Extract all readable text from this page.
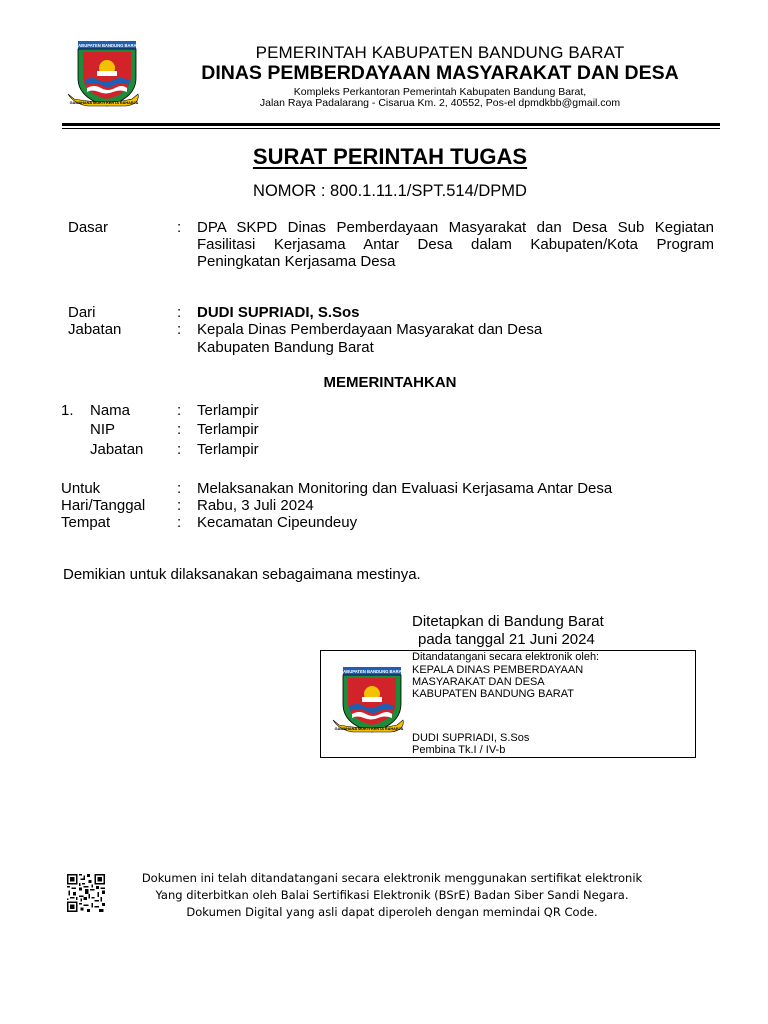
KABUPATEN BANDUNG BARAT
GAWAHANA MUKTI KERTA RAHARJA
PEMERINTAH KABUPATEN BANDUNG BARAT
DINAS PEMBERDAYAAN MASYARAKAT DAN DESA
Kompleks Perkantoran Pemerintah Kabupaten Bandung Barat,
Jalan Raya Padalarang - Cisarua Km. 2, 40552, Pos-el dpmdkbb@gmail.com
SURAT PERINTAH TUGAS
NOMOR : 800.1.11.1/SPT.514/DPMD
Dasar	: DPA SKPD Dinas Pemberdayaan Masyarakat dan Desa Sub Kegiatan Fasilitasi Kerjasama Antar Desa dalam Kabupaten/Kota Program Peningkatan Kerjasama Desa
Dari	: DUDI SUPRIADI, S.Sos
Jabatan	: Kepala Dinas Pemberdayaan Masyarakat dan Desa
Kabupaten Bandung Barat
MEMERINTAHKAN
1. Nama	: Terlampir
NIP	: Terlampir
Jabatan : Terlampir
Untuk	: Melaksanakan Monitoring dan Evaluasi Kerjasama Antar Desa
Hari/Tanggal : Rabu, 3 Juli 2024
Tempat	: Kecamatan Cipeundeuy
Demikian untuk dilaksanakan sebagaimana mestinya.
Ditetapkan di Bandung Barat
pada tanggal 21 Juni 2024
KABUPATEN BANDUNG BARAT
GAWAHANA MUKTI KERTA RAHARJA
Ditandatangani secara elektronik oleh:
KEPALA DINAS PEMBERDAYAAN
MASYARAKAT DAN DESA
KABUPATEN BANDUNG BARAT
DUDI SUPRIADI, S.Sos
Pembina Tk.I / IV-b
Dokumen ini telah ditandatangani secara elektronik menggunakan sertifikat elektronik
Yang diterbitkan oleh Balai Sertifikasi Elektronik (BSrE) Badan Siber Sandi Negara.
Dokumen Digital yang asli dapat diperoleh dengan memindai QR Code.
